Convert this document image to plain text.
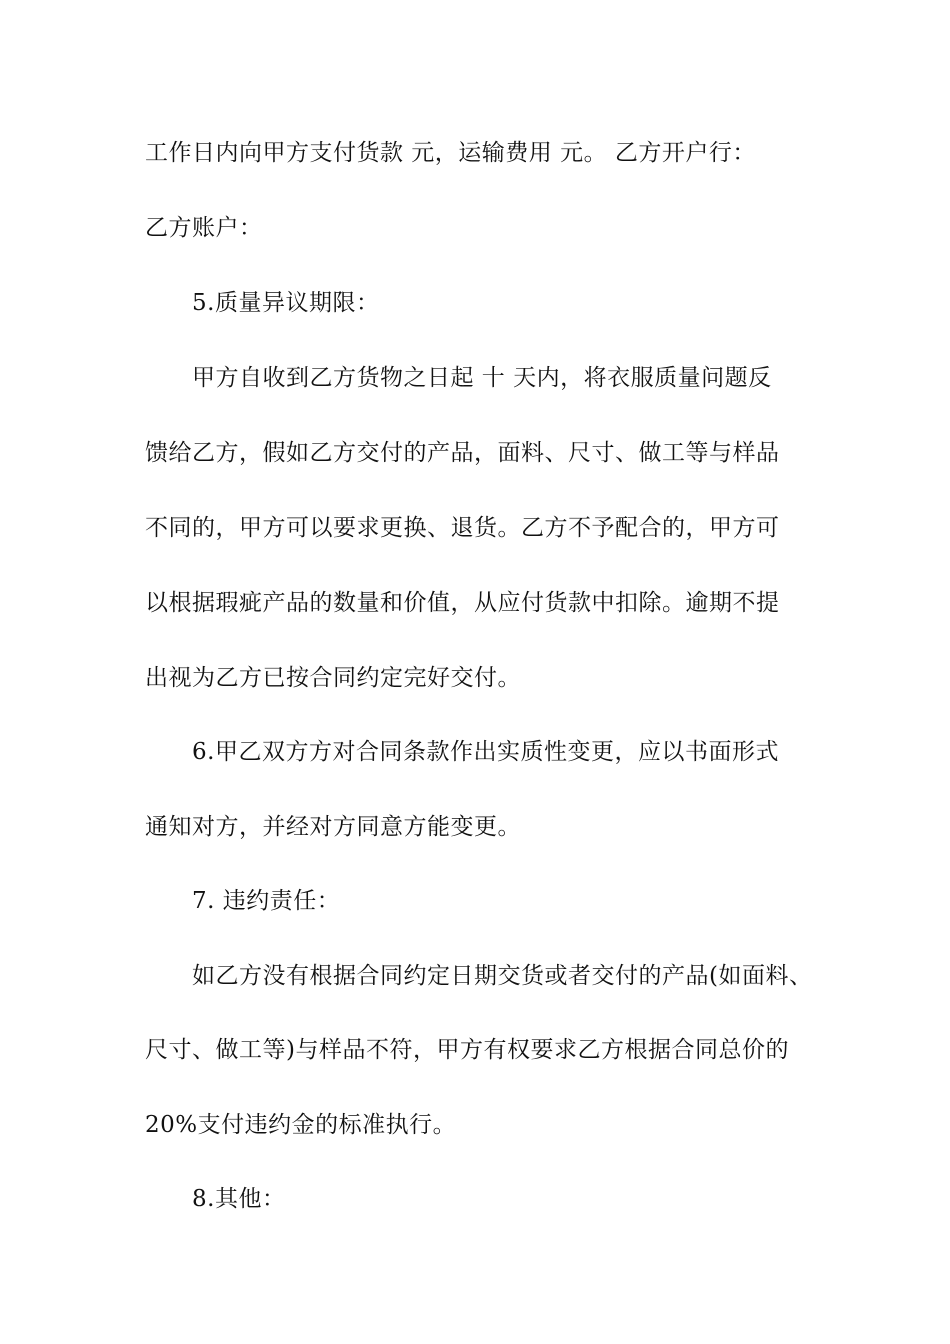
工作日内向甲方支付货款 元，运输费用 元。 乙方开户行：
乙方账户：
5.质量异议期限：
甲方自收到乙方货物之日起 十 天内，将衣服质量问题反
馈给乙方，假如乙方交付的产品，面料、尺寸、做工等与样品
不同的，甲方可以要求更换、退货。乙方不予配合的，甲方可
以根据瑕疵产品的数量和价值，从应付货款中扣除。逾期不提
出视为乙方已按合同约定完好交付。
6.甲乙双方方对合同条款作出实质性变更，应以书面形式
通知对方，并经对方同意方能变更。
7. 违约责任：
如乙方没有根据合同约定日期交货或者交付的产品(如面料、
尺寸、做工等)与样品不符，甲方有权要求乙方根据合同总价的
20%支付违约金的标准执行。
8.其他：
